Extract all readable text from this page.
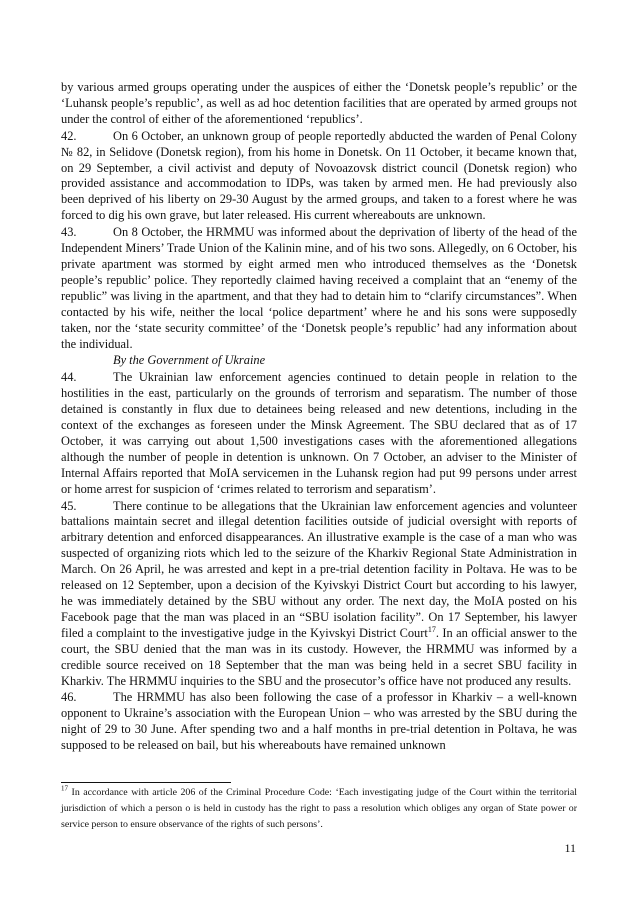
by various armed groups operating under the auspices of either the ‘Donetsk people’s republic’ or the ‘Luhansk people’s republic’, as well as ad hoc detention facilities that are operated by armed groups not under the control of either of the aforementioned ‘republics’.

42.	On 6 October, an unknown group of people reportedly abducted the warden of Penal Colony № 82, in Selidove (Donetsk region), from his home in Donetsk. On 11 October, it became known that, on 29 September, a civil activist and deputy of Novoazovsk district council (Donetsk region) who provided assistance and accommodation to IDPs, was taken by armed men. He had previously also been deprived of his liberty on 29-30 August by the armed groups, and taken to a forest where he was forced to dig his own grave, but later released. His current whereabouts are unknown.

43.	On 8 October, the HRMMU was informed about the deprivation of liberty of the head of the Independent Miners’ Trade Union of the Kalinin mine, and of his two sons. Allegedly, on 6 October, his private apartment was stormed by eight armed men who introduced themselves as the ‘Donetsk people’s republic’ police. They reportedly claimed having received a complaint that an “enemy of the republic” was living in the apartment, and that they had to detain him to “clarify circumstances”. When contacted by his wife, neither the local ‘police department’ where he and his sons were supposedly taken, nor the ‘state security committee’ of the ‘Donetsk people’s republic’ had any information about the individual.

By the Government of Ukraine

44.	The Ukrainian law enforcement agencies continued to detain people in relation to the hostilities in the east, particularly on the grounds of terrorism and separatism. The number of those detained is constantly in flux due to detainees being released and new detentions, including in the context of the exchanges as foreseen under the Minsk Agreement. The SBU declared that as of 17 October, it was carrying out about 1,500 investigations cases with the aforementioned allegations although the number of people in detention is unknown. On 7 October, an adviser to the Minister of Internal Affairs reported that MoIA servicemen in the Luhansk region had put 99 persons under arrest or home arrest for suspicion of ‘crimes related to terrorism and separatism’.

45.	There continue to be allegations that the Ukrainian law enforcement agencies and volunteer battalions maintain secret and illegal detention facilities outside of judicial oversight with reports of arbitrary detention and enforced disappearances. An illustrative example is the case of a man who was suspected of organizing riots which led to the seizure of the Kharkiv Regional State Administration in March. On 26 April, he was arrested and kept in a pre-trial detention facility in Poltava. He was to be released on 12 September, upon a decision of the Kyivskyi District Court but according to his lawyer, he was immediately detained by the SBU without any order. The next day, the MoIA posted on his Facebook page that the man was placed in an “SBU isolation facility”. On 17 September, his lawyer filed a complaint to the investigative judge in the Kyivskyi District Court$^{17}$. In an official answer to the court, the SBU denied that the man was in its custody. However, the HRMMU was informed by a credible source received on 18 September that the man was being held in a secret SBU facility in Kharkiv. The HRMMU inquiries to the SBU and the prosecutor’s office have not produced any results.

46.	The HRMMU has also been following the case of a professor in Kharkiv – a well-known opponent to Ukraine’s association with the European Union – who was arrested by the SBU during the night of 29 to 30 June. After spending two and a half months in pre-trial detention in Poltava, he was supposed to be released on bail, but his whereabouts have remained unknown

$^{17}$ In accordance with article 206 of the Criminal Procedure Code: ‘Each investigating judge of the Court within the territorial jurisdiction of which a person o is held in custody has the right to pass a resolution which obliges any organ of State power or service person to ensure observance of the rights of such persons’.
11
